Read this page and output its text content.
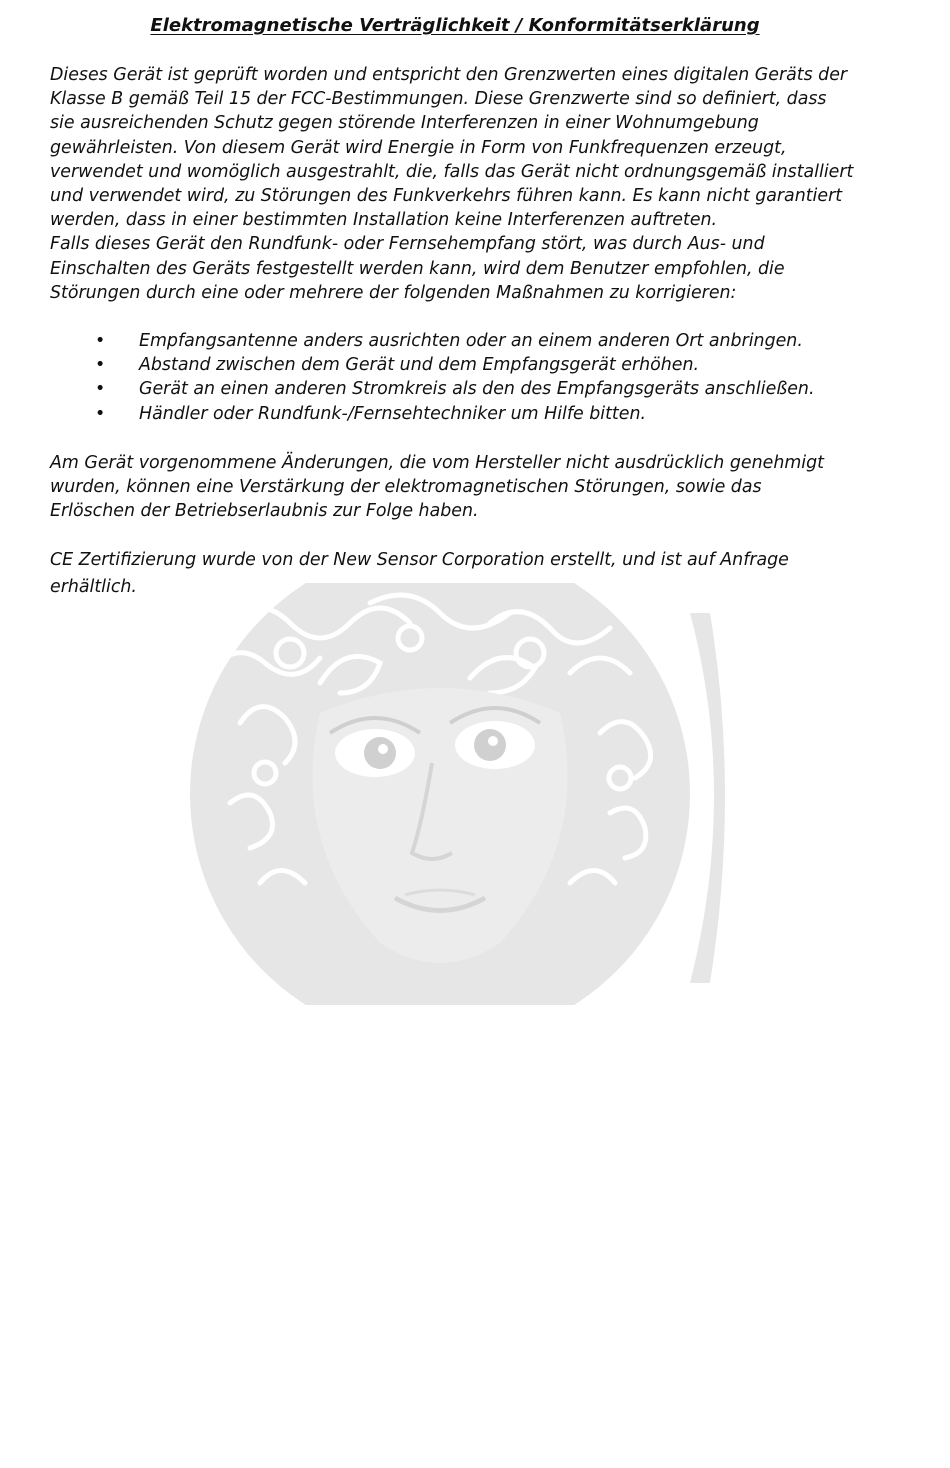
Elektromagnetische Verträglichkeit / Konformitätserklärung

Dieses Gerät ist geprüft worden und entspricht den Grenzwerten eines digitalen Geräts der
Klasse B gemäß Teil 15 der FCC-Bestimmungen. Diese Grenzwerte sind so definiert, dass
sie ausreichenden Schutz gegen störende Interferenzen in einer Wohnumgebung
gewährleisten. Von diesem Gerät wird Energie in Form von Funkfrequenzen erzeugt,
verwendet und womöglich ausgestrahlt, die, falls das Gerät nicht ordnungsgemäß installiert
und verwendet wird, zu Störungen des Funkverkehrs führen kann. Es kann nicht garantiert
werden, dass in einer bestimmten Installation keine Interferenzen auftreten.

Falls dieses Gerät den Rundfunk- oder Fernsehempfang stört, was durch Aus- und
Einschalten des Geräts festgestellt werden kann, wird dem Benutzer empfohlen, die
Störungen durch eine oder mehrere der folgenden Maßnahmen zu korrigieren:

• Empfangsantenne anders ausrichten oder an einem anderen Ort anbringen.
• Abstand zwischen dem Gerät und dem Empfangsgerät erhöhen.
• Gerät an einen anderen Stromkreis als den des Empfangsgeräts anschließen.
• Händler oder Rundfunk-/Fernsehtechniker um Hilfe bitten.

Am Gerät vorgenommene Änderungen, die vom Hersteller nicht ausdrücklich genehmigt
wurden, können eine Verstärkung der elektromagnetischen Störungen, sowie das
Erlöschen der Betriebserlaubnis zur Folge haben.

CE Zertifizierung wurde von der New Sensor Corporation erstellt, und ist auf Anfrage
erhältlich.
